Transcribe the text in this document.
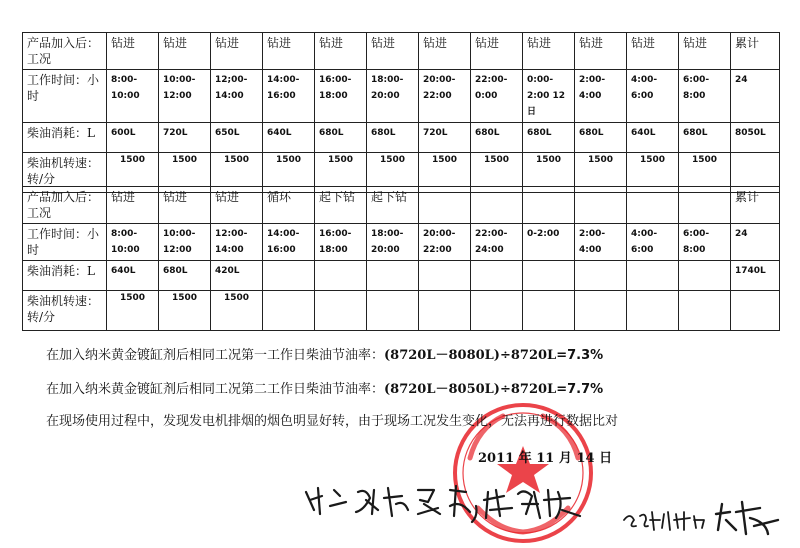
产品加入后：工况	钻进	钻进	钻进	钻进	钻进	钻进	钻进	钻进	钻进	钻进	钻进	钻进	累计
工作时间：小时	8:00-10:00	10:00-12:00	12;00-14:00	14:00-16:00	16:00-18:00	18:00-20:00	20:00-22:00	22:00-0:00	0:00-2:00 12日	2:00-4:00	4:00-6:00	6:00-8:00	24
柴油消耗：L	600L	720L	650L	640L	680L	680L	720L	680L	680L	680L	640L	680L	8050L
柴油机转速：转/分	1500	1500	1500	1500	1500	1500	1500	1500	1500	1500	1500	1500	
产品加入后：工况	钻进	钻进	钻进	循环	起下钻	起下钻							累计
工作时间：小时	8:00-10:00	10:00-12:00	12:00-14:00	14:00-16:00	16:00-18:00	18:00-20:00	20:00-22:00	22:00-24:00	0-2:00	2:00-4:00	4:00-6:00	6:00-8:00	24
柴油消耗：L	640L	680L	420L										1740L
柴油机转速：转/分	1500	1500	1500										
在加入纳米黄金镀缸剂后相同工况第一工作日柴油节油率：(8720L－8080L)÷8720L=7.3%
在加入纳米黄金镀缸剂后相同工况第二工作日柴油节油率：(8720L－8050L)÷8720L=7.7%
在现场使用过程中，发现发电机排烟的烟色明显好转，由于现场工况发生变化，无法再进行数据比对
2011 年 11 月 14 日
